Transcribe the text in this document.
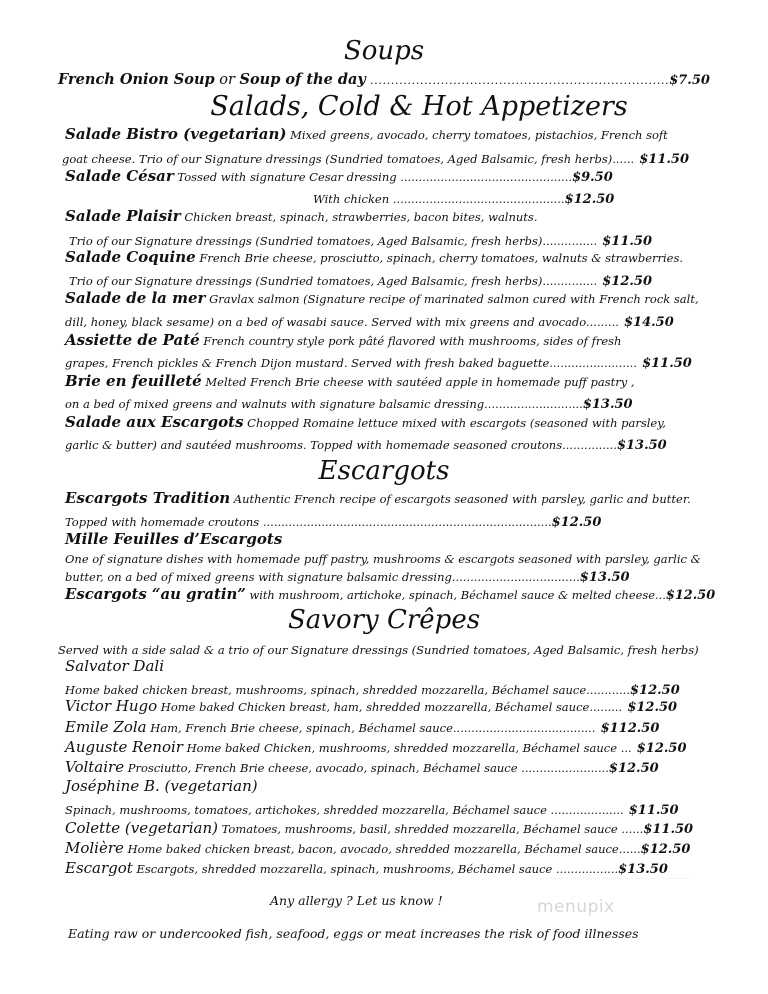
Soups
French Onion Soup or Soup of the day ........................................................................$7.50
Salads, Cold & Hot Appetizers
Salade Bistro (vegetarian) Mixed greens, avocado, cherry tomatoes, pistachios, French soft
goat cheese. Trio of our Signature dressings (Sundried tomatoes, Aged Balsamic, fresh herbs)...... $11.50
Salade César Tossed with signature Cesar dressing ...............................................$9.50
With chicken ...............................................$12.50
Salade Plaisir Chicken breast, spinach, strawberries, bacon bites, walnuts.
Trio of our Signature dressings (Sundried tomatoes, Aged Balsamic, fresh herbs)............... $11.50
Salade Coquine French Brie cheese, prosciutto, spinach, cherry tomatoes, walnuts & strawberries.
Trio of our Signature dressings (Sundried tomatoes, Aged Balsamic, fresh herbs)............... $12.50
Salade de la mer Gravlax salmon (Signature recipe of marinated salmon cured with French rock salt,
dill, honey, black sesame) on a bed of wasabi sauce. Served with mix greens and avocado......... $14.50
Assiette de Paté French country style pork pâté flavored with mushrooms, sides of fresh
grapes, French pickles & French Dijon mustard. Served with fresh baked baguette........................ $11.50
Brie en feuilleté Melted French Brie cheese with sautéed apple in homemade puff pastry ,
on a bed of mixed greens and walnuts with signature balsamic dressing...........................$13.50
Salade aux Escargots Chopped Romaine lettuce mixed with escargots (seasoned with parsley,
garlic & butter) and sautéed mushrooms. Topped with homemade seasoned croutons...............$13.50
Escargots
Escargots Tradition Authentic French recipe of escargots seasoned with parsley, garlic and butter.
Topped with homemade croutons ...............................................................................$12.50
Mille Feuilles d’Escargots
One of signature dishes with homemade puff pastry, mushrooms & escargots seasoned with parsley, garlic &
butter, on a bed of mixed greens with signature balsamic dressing...................................$13.50
Escargots “au gratin” with mushroom, artichoke, spinach, Béchamel sauce & melted cheese...$12.50
Savory Crêpes
Served with a side salad & a trio of our Signature dressings (Sundried tomatoes, Aged Balsamic, fresh herbs)
Salvator Dali
Home baked chicken breast, mushrooms, spinach, shredded mozzarella, Béchamel sauce............$12.50
Victor Hugo Home baked Chicken breast, ham, shredded mozzarella, Béchamel sauce......... $12.50
Emile Zola Ham, French Brie cheese, spinach, Béchamel sauce....................................... $112.50
Auguste Renoir Home baked Chicken, mushrooms, shredded mozzarella, Béchamel sauce ... $12.50
Voltaire Prosciutto, French Brie cheese, avocado, spinach, Béchamel sauce ........................$12.50
Joséphine B. (vegetarian)
Spinach, mushrooms, tomatoes, artichokes, shredded mozzarella, Béchamel sauce .................... $11.50
Colette (vegetarian) Tomatoes, mushrooms, basil, shredded mozzarella, Béchamel sauce ......$11.50
Molière Home baked chicken breast, bacon, avocado, shredded mozzarella, Béchamel sauce......$12.50
Escargot Escargots, shredded mozzarella, spinach, mushrooms, Béchamel sauce .................$13.50
Any allergy ? Let us know !
Eating raw or undercooked fish, seafood, eggs or meat increases the risk of food illnesses
menupix
